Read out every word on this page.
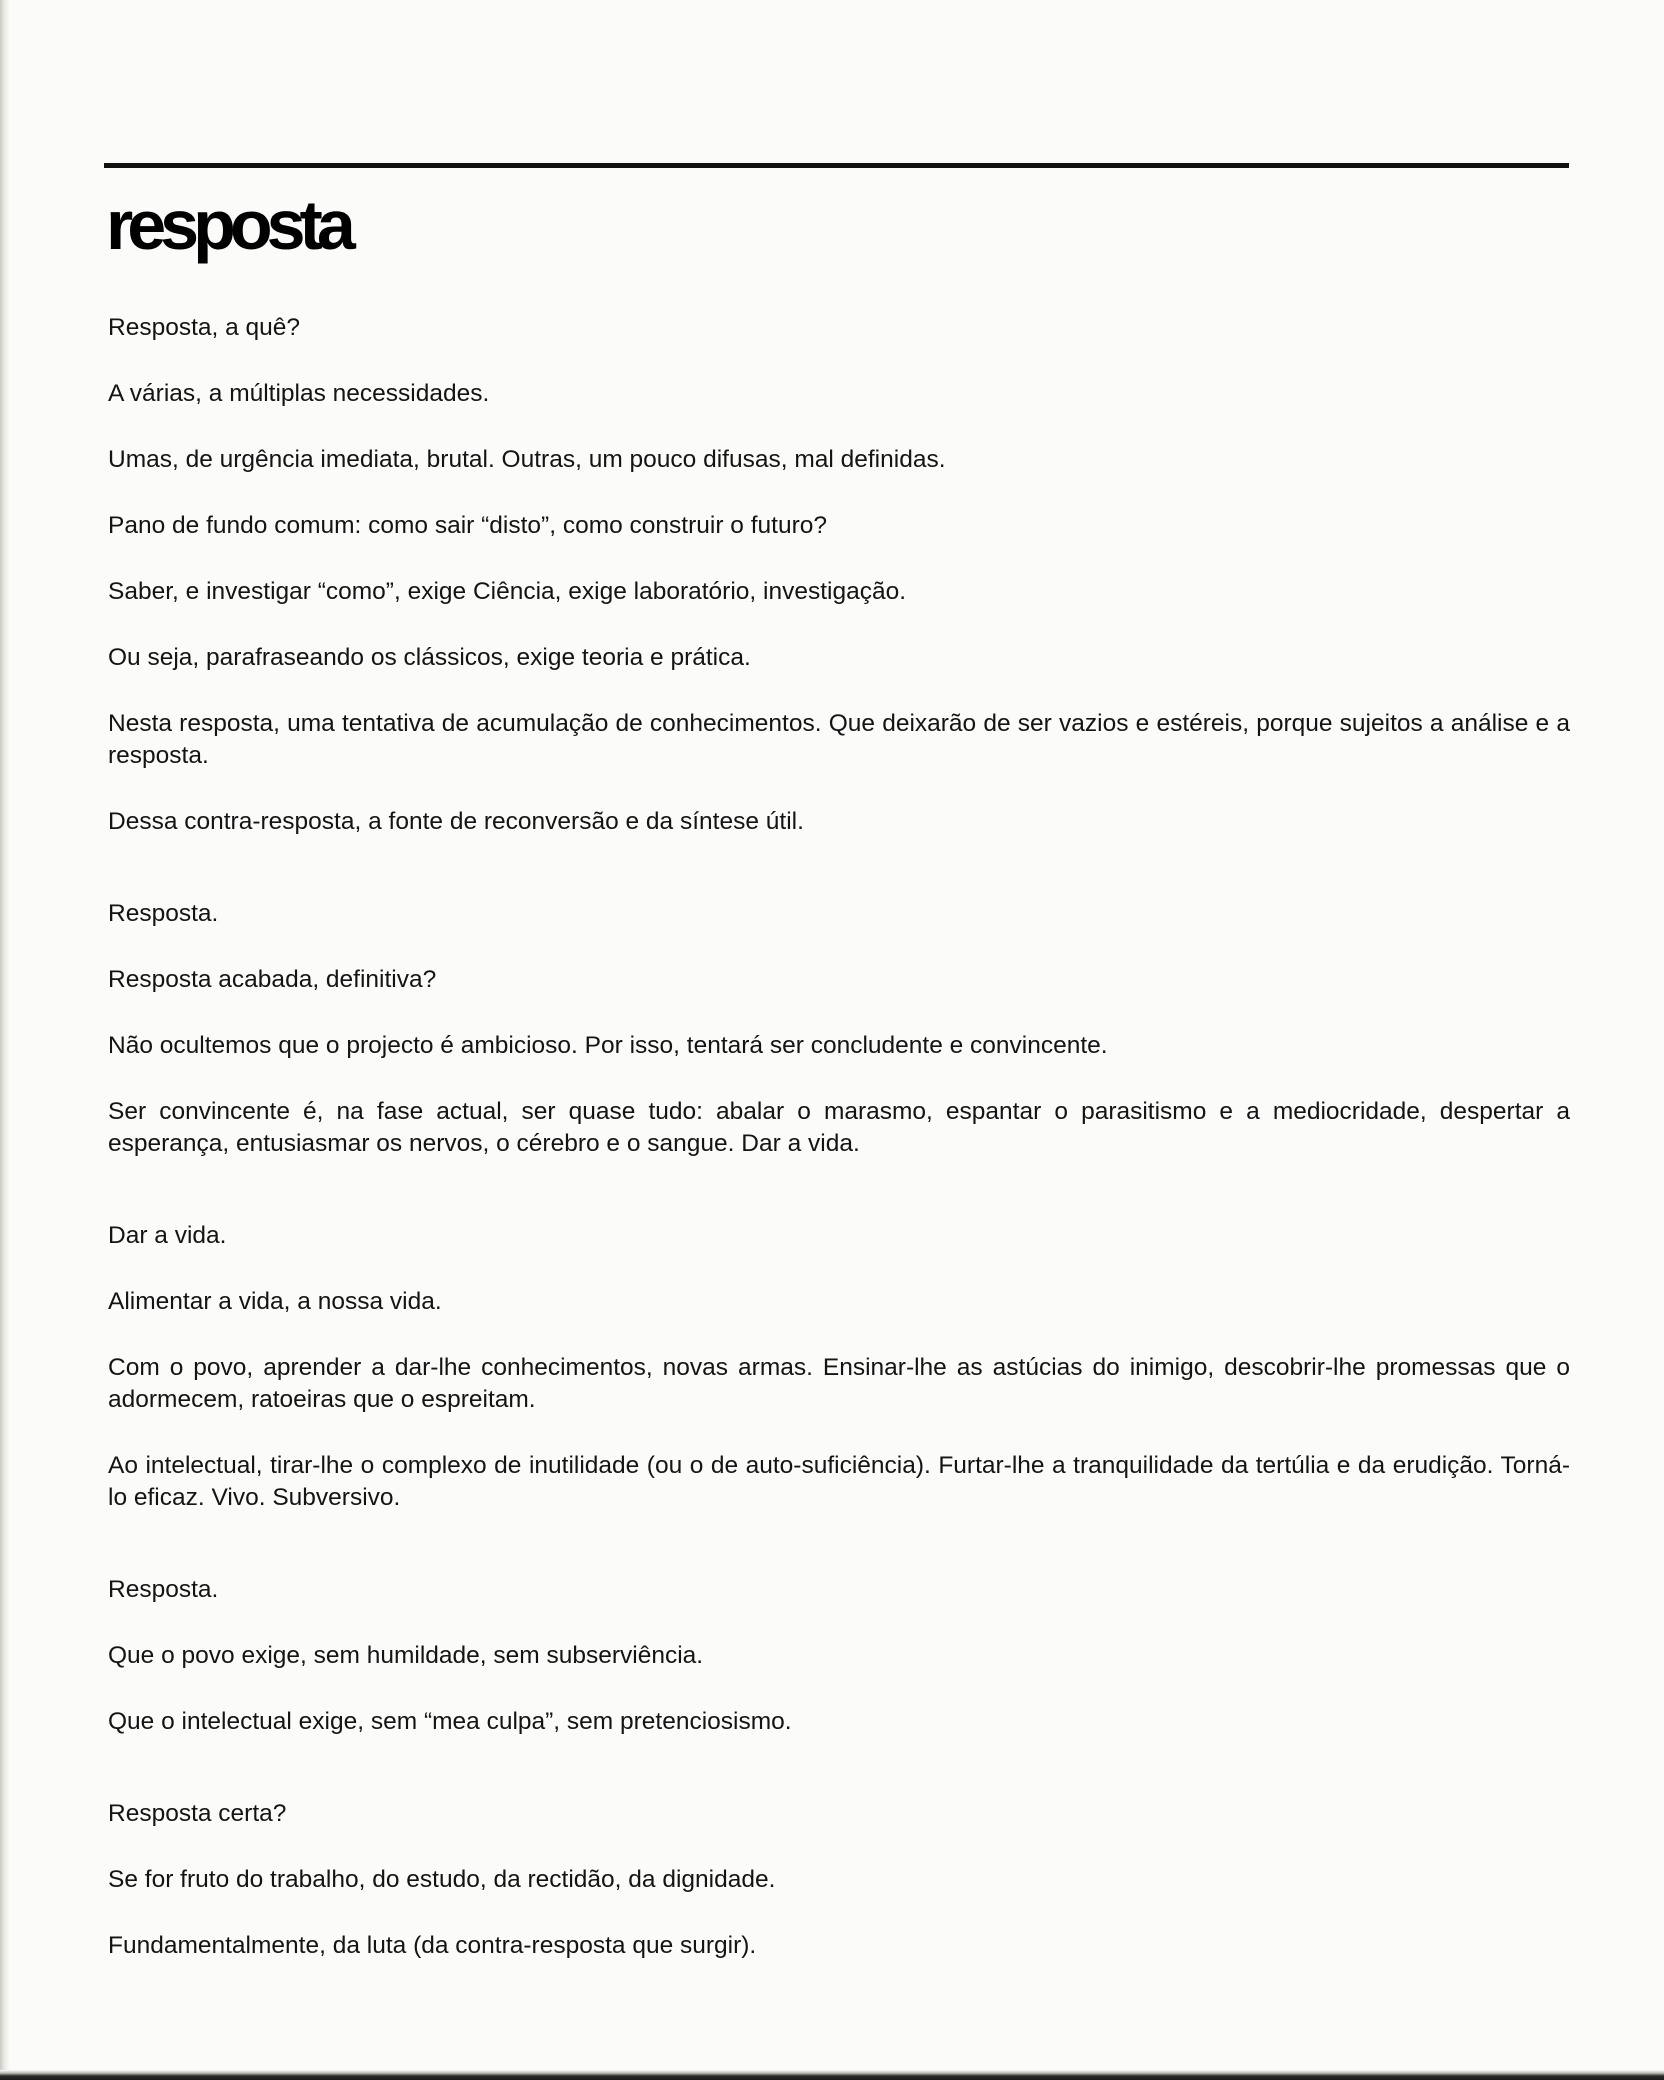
resposta

Resposta, a quê?

A várias, a múltiplas necessidades.

Umas, de urgência imediata, brutal. Outras, um pouco difusas, mal definidas.

Pano de fundo comum: como sair “disto”, como construir o futuro?

Saber, e investigar “como”, exige Ciência, exige laboratório, investigação.

Ou seja, parafraseando os clássicos, exige teoria e prática.

Nesta resposta, uma tentativa de acumulação de conhecimentos. Que deixarão de ser vazios e estéreis, porque sujeitos a análise e a resposta.

Dessa contra-resposta, a fonte de reconversão e da síntese útil.

Resposta.

Resposta acabada, definitiva?

Não ocultemos que o projecto é ambicioso. Por isso, tentará ser concludente e convincente.

Ser convincente é, na fase actual, ser quase tudo: abalar o marasmo, espantar o parasitismo e a mediocridade, despertar a esperança, entusiasmar os nervos, o cérebro e o sangue. Dar a vida.

Dar a vida.

Alimentar a vida, a nossa vida.

Com o povo, aprender a dar-lhe conhecimentos, novas armas. Ensinar-lhe as astúcias do inimigo, descobrir-lhe promessas que o adormecem, ratoeiras que o espreitam.

Ao intelectual, tirar-lhe o complexo de inutilidade (ou o de auto-suficiência). Furtar-lhe a tranquilidade da tertúlia e da erudição. Torná-lo eficaz. Vivo. Subversivo.

Resposta.

Que o povo exige, sem humildade, sem subserviência.

Que o intelectual exige, sem “mea culpa”, sem pretenciosismo.

Resposta certa?

Se for fruto do trabalho, do estudo, da rectidão, da dignidade.

Fundamentalmente, da luta (da contra-resposta que surgir).
